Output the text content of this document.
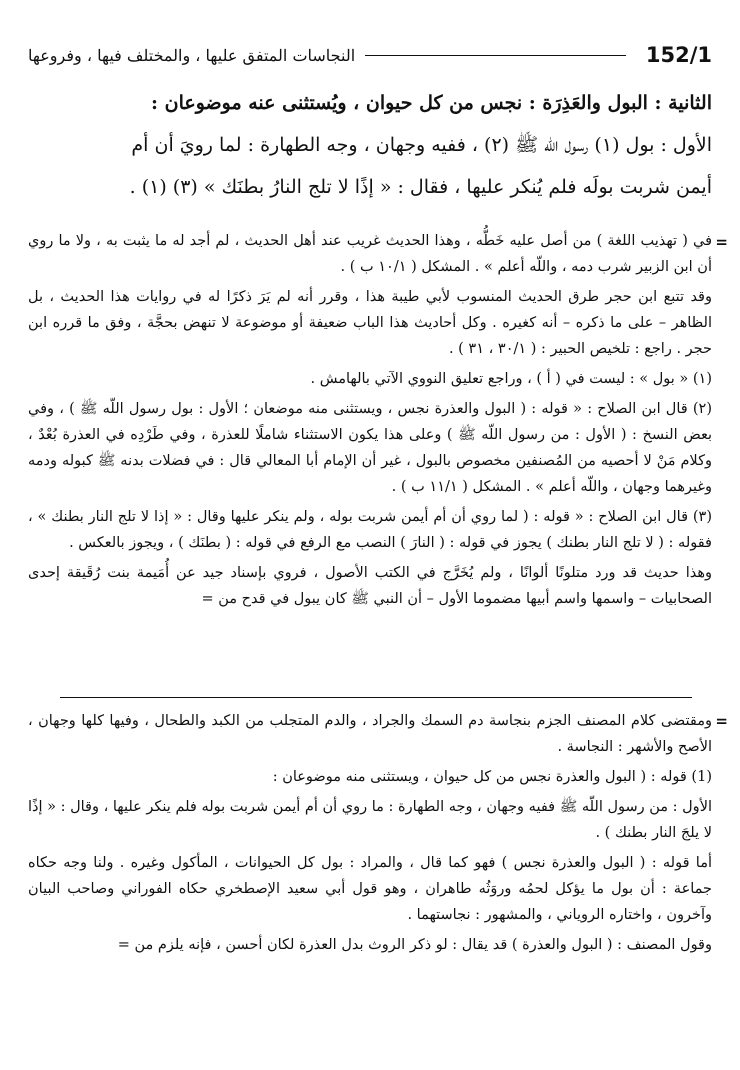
152/1
النجاسات المتفق عليها ، والمختلف فيها ، وفروعها

الثانية : البول والعَذِرَة : نجس من كل حيوان ، ويُستثنى عنه موضوعان :

الأول : بول (١) رسول اللّه ﷺ (٢) ، ففيه وجهان ، وجه الطهارة : لما رويَ أن أم

أيمن شربت بولَه فلم يُنكر عليها ، فقال : « إذًا لا تلج النارُ بطنَك » (٣) (١) .

=

في ( تهذيب اللغة ) من أصل عليه خَطُّه ، وهذا الحديث غريب عند أهل الحديث ، لم أجد له ما يثبت به ، ولا ما روي أن ابن الزبير شرب دمه ، واللّه أعلم » . المشكل ( ١٠/١ ب ) .

وقد تتبع ابن حجر طرق الحديث المنسوب لأبي طيبة هذا ، وقرر أنه لم يَرَ ذكرًا له في روايات هذا الحديث ، بل الظاهر – على ما ذكره – أنه كغيره . وكل أحاديث هذا الباب ضعيفة أو موضوعة لا تنهض بحجَّة ، وفق ما قرره ابن حجر . راجع : تلخيص الحبير : ( ٣٠/١ ، ٣١ ) .

(١) « بول » : ليست في ( أ ) ، وراجع تعليق النووي الآتي بالهامش .

(٢) قال ابن الصلاح : « قوله : ( البول والعذرة نجس ، ويستثنى منه موضعان ؛ الأول : بول رسول اللّه ﷺ ) ، وفي بعض النسخ : ( الأول : من رسول اللّه ﷺ ) وعلى هذا يكون الاستثناء شاملًا للعذرة ، وفي طَرْدِه في العذرة بُعْدٌ ، وكلام مَنْ لا أحصيه من المُصنفين مخصوص بالبول ، غير أن الإمام أبا المعالي قال : في فضلات بدنه ﷺ كبوله ودمه وغيرهما وجهان ، واللّه أعلم » . المشكل ( ١١/١ ب ) .

(٣) قال ابن الصلاح : « قوله : ( لما روي أن أم أيمن شربت بوله ، ولم ينكر عليها وقال : « إذا لا تلج النار بطنك » ، فقوله : ( لا تلج النار بطنك ) يجوز في قوله : ( النارَ ) النصب مع الرفع في قوله : ( بطنَك ) ، ويجوز بالعكس .

وهذا حديث قد ورد متلونًا ألوانًا ، ولم يُخَرَّج في الكتب الأصول ، فروي بإسناد جيد عن أُمَيمة بنت رُقَيقة إحدى الصحابيات – واسمها واسم أبيها مضموما الأول – أن النبي ﷺ كان يبول في قدح من =

=

ومقتضى كلام المصنف الجزم بنجاسة دم السمك والجراد ، والدم المتجلب من الكبد والطحال ، وفيها كلها وجهان ، الأصح والأشهر : النجاسة .

(1) قوله : ( البول والعذرة نجس من كل حيوان ، ويستثنى منه موضوعان :

الأول : من رسول اللّه ﷺ ففيه وجهان ، وجه الطهارة : ما روي أن أم أيمن شربت بوله فلم ينكر عليها ، وقال : « إذًا لا يلجَ النار بطنك ) .

أما قوله : ( البول والعذرة نجس ) فهو كما قال ، والمراد : بول كل الحيوانات ، المأكول وغيره . ولنا وجه حكاه جماعة : أن بول ما يؤكل لحمُه وروَثُه طاهران ، وهو قول أبي سعيد الإصطخري حكاه الفوراني وصاحب البيان وآخرون ، واختاره الروياني ، والمشهور : نجاستهما .

وقول المصنف : ( البول والعذرة ) قد يقال : لو ذكر الروث بدل العذرة لكان أحسن ، فإنه يلزم من =
